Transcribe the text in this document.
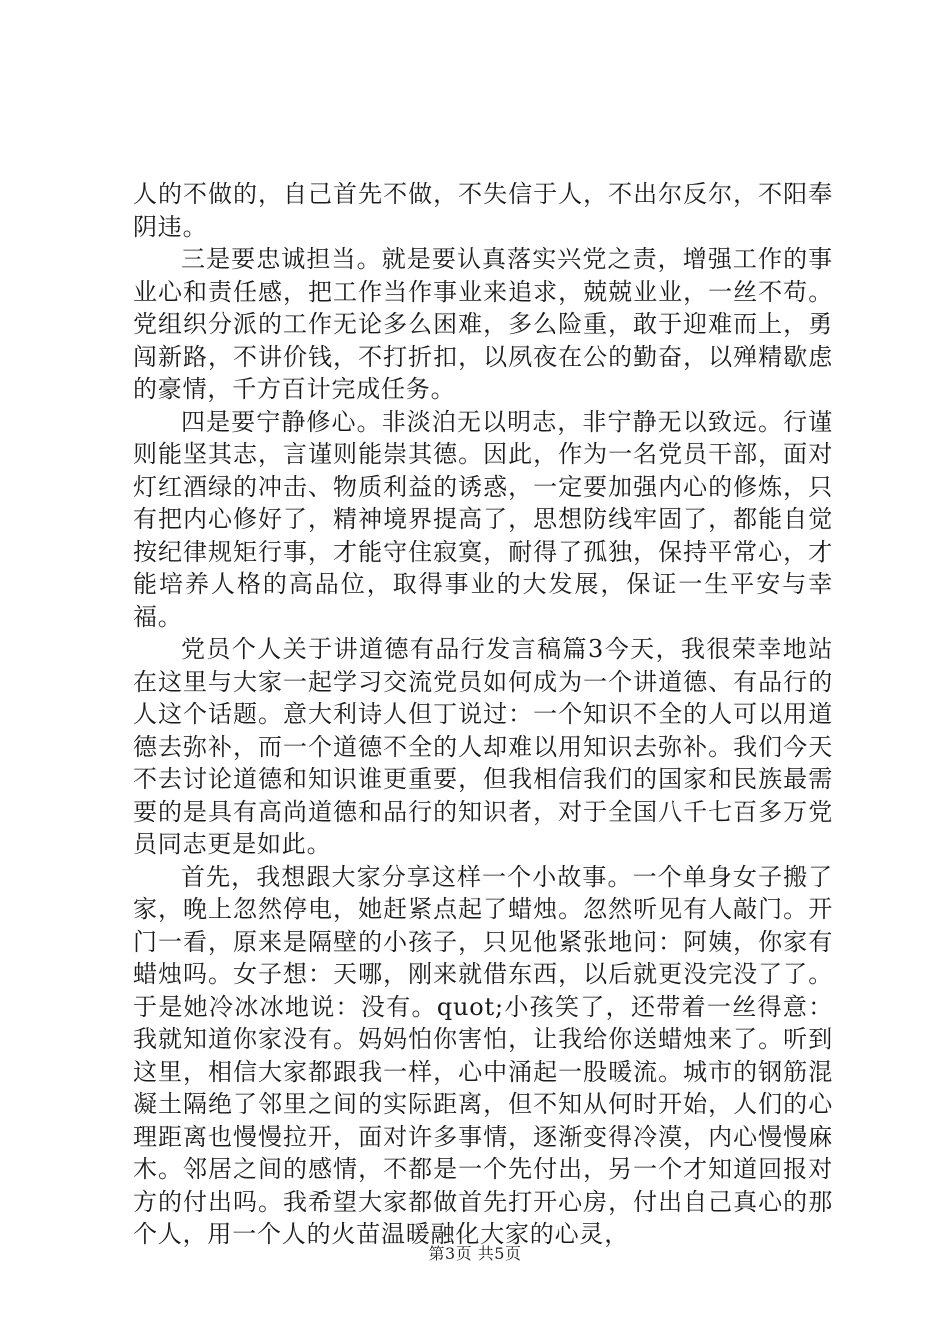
人的不做的，自己首先不做，不失信于人，不出尔反尔，不阳奉阴违。

三是要忠诚担当。就是要认真落实兴党之责，增强工作的事业心和责任感，把工作当作事业来追求，兢兢业业，一丝不苟。党组织分派的工作无论多么困难，多么险重，敢于迎难而上，勇闯新路，不讲价钱，不打折扣，以夙夜在公的勤奋，以殚精歇虑的豪情，千方百计完成任务。

四是要宁静修心。非淡泊无以明志，非宁静无以致远。行谨则能坚其志，言谨则能崇其德。因此，作为一名党员干部，面对灯红酒绿的冲击、物质利益的诱惑，一定要加强内心的修炼，只有把内心修好了，精神境界提高了，思想防线牢固了，都能自觉按纪律规矩行事，才能守住寂寞，耐得了孤独，保持平常心，才能培养人格的高品位，取得事业的大发展，保证一生平安与幸福。

党员个人关于讲道德有品行发言稿篇3今天，我很荣幸地站在这里与大家一起学习交流党员如何成为一个讲道德、有品行的人这个话题。意大利诗人但丁说过：一个知识不全的人可以用道德去弥补，而一个道德不全的人却难以用知识去弥补。我们今天不去讨论道德和知识谁更重要，但我相信我们的国家和民族最需要的是具有高尚道德和品行的知识者，对于全国八千七百多万党员同志更是如此。

首先，我想跟大家分享这样一个小故事。一个单身女子搬了家，晚上忽然停电，她赶紧点起了蜡烛。忽然听见有人敲门。开门一看，原来是隔壁的小孩子，只见他紧张地问：阿姨，你家有蜡烛吗。女子想：天哪，刚来就借东西，以后就更没完没了了。于是她冷冰冰地说：没有。quot;小孩笑了，还带着一丝得意：我就知道你家没有。妈妈怕你害怕，让我给你送蜡烛来了。听到这里，相信大家都跟我一样，心中涌起一股暖流。城市的钢筋混凝土隔绝了邻里之间的实际距离，但不知从何时开始，人们的心理距离也慢慢拉开，面对许多事情，逐渐变得冷漠，内心慢慢麻木。邻居之间的感情，不都是一个先付出，另一个才知道回报对方的付出吗。我希望大家都做首先打开心房，付出自己真心的那个人，用一个人的火苗温暖融化大家的心灵，

第3页 共5页
